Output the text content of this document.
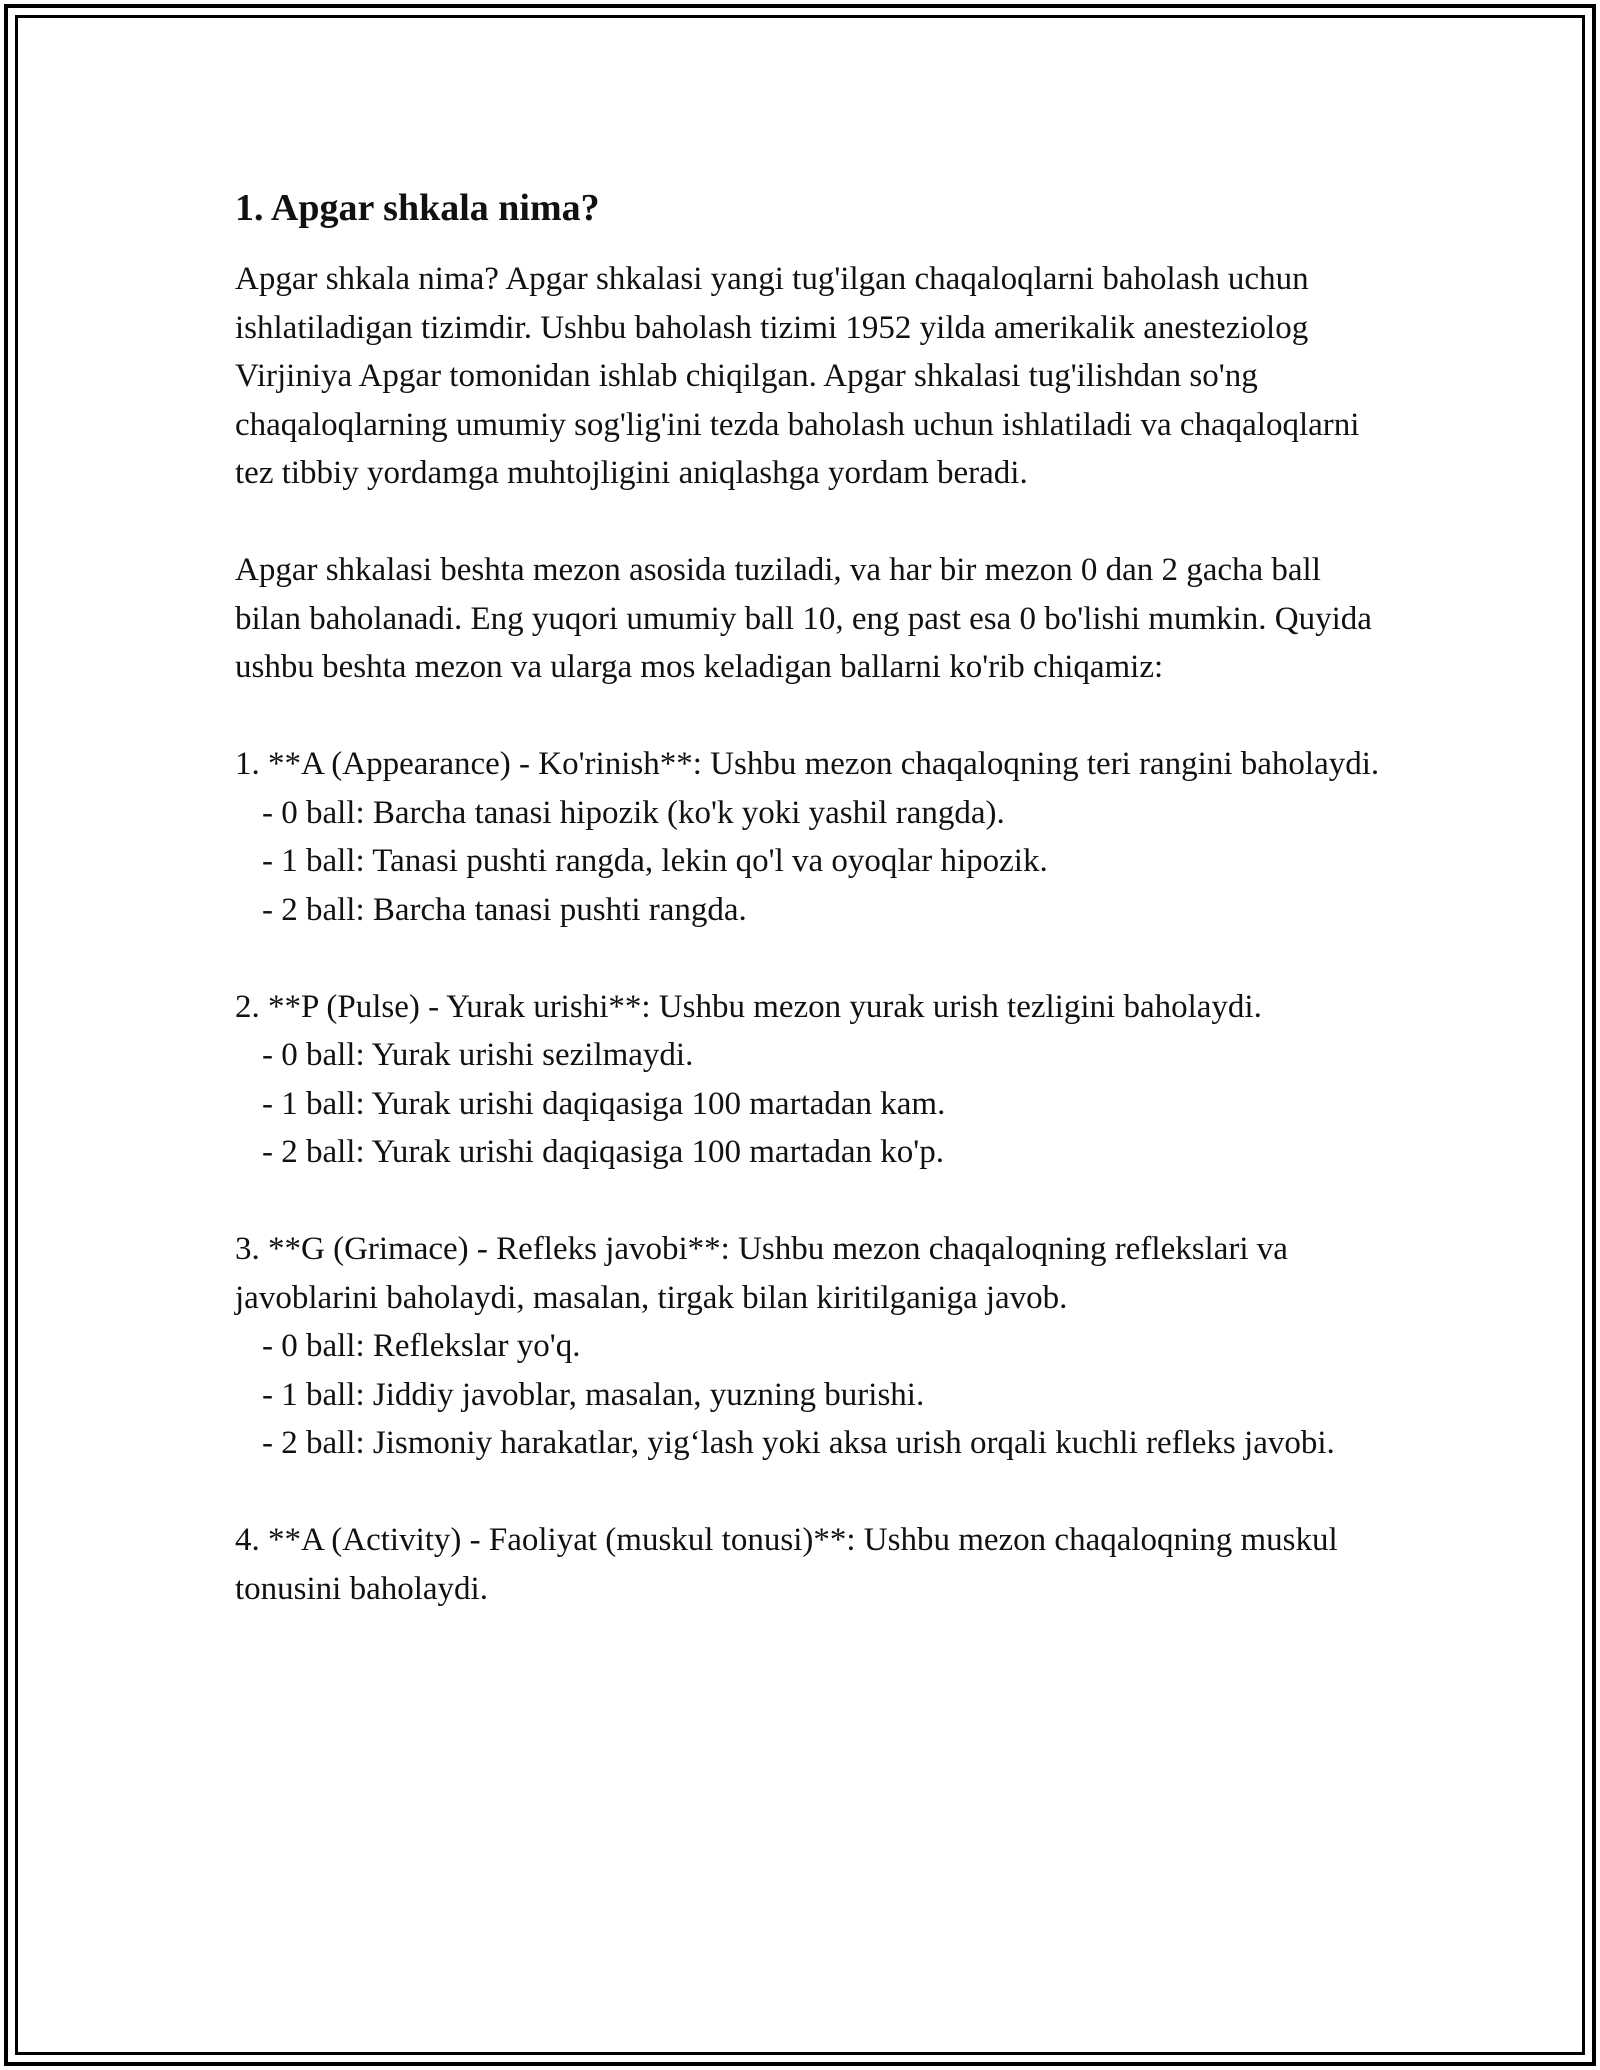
1. Apgar shkala nima?

Apgar shkala nima? Apgar shkalasi yangi tug'ilgan chaqaloqlarni baholash uchun ishlatiladigan tizimdir. Ushbu baholash tizimi 1952 yilda amerikalik anesteziolog Virjiniya Apgar tomonidan ishlab chiqilgan. Apgar shkalasi tug'ilishdan so'ng chaqaloqlarning umumiy sog'lig'ini tezda baholash uchun ishlatiladi va chaqaloqlarni tez tibbiy yordamga muhtojligini aniqlashga yordam beradi.

Apgar shkalasi beshta mezon asosida tuziladi, va har bir mezon 0 dan 2 gacha ball bilan baholanadi. Eng yuqori umumiy ball 10, eng past esa 0 bo'lishi mumkin. Quyida ushbu beshta mezon va ularga mos keladigan ballarni ko'rib chiqamiz:

1. **A (Appearance) - Ko'rinish**: Ushbu mezon chaqaloqning teri rangini baholaydi.

- 0 ball: Barcha tanasi hipozik (ko'k yoki yashil rangda).

- 1 ball: Tanasi pushti rangda, lekin qo'l va oyoqlar hipozik.

- 2 ball: Barcha tanasi pushti rangda.

2. **P (Pulse) - Yurak urishi**: Ushbu mezon yurak urish tezligini baholaydi.

- 0 ball: Yurak urishi sezilmaydi.

- 1 ball: Yurak urishi daqiqasiga 100 martadan kam.

- 2 ball: Yurak urishi daqiqasiga 100 martadan ko'p.

3. **G (Grimace) - Refleks javobi**: Ushbu mezon chaqaloqning reflekslari va javoblarini baholaydi, masalan, tirgak bilan kiritilganiga javob.

- 0 ball: Reflekslar yo'q.

- 1 ball: Jiddiy javoblar, masalan, yuzning burishi.

- 2 ball: Jismoniy harakatlar, yig‘lash yoki aksa urish orqali kuchli refleks javobi.

4. **A (Activity) - Faoliyat (muskul tonusi)**: Ushbu mezon chaqaloqning muskul tonusini baholaydi.
